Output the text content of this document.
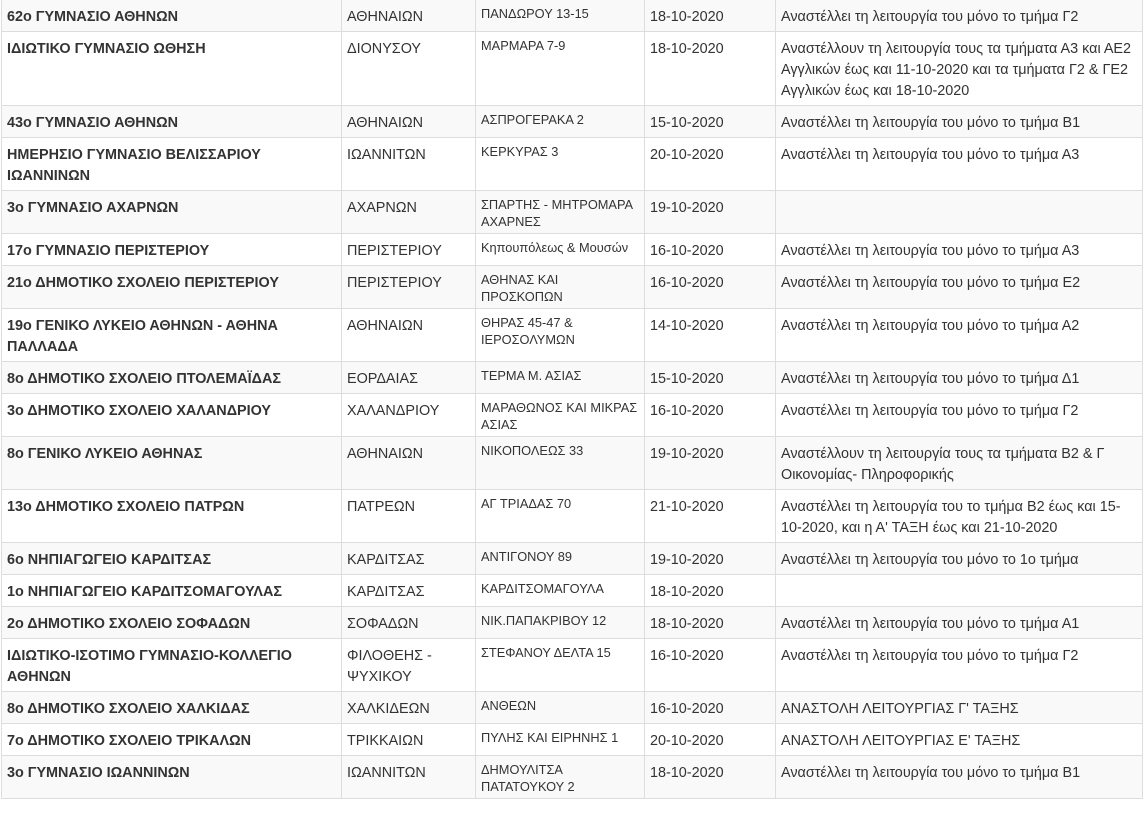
62ο ΓΥΜΝΑΣΙΟ ΑΘΗΝΩΝ	ΑΘΗΝΑΙΩΝ	ΠΑΝΔΩΡΟΥ 13-15	18-10-2020	Αναστέλλει τη λειτουργία του μόνο το τμήμα Γ2
ΙΔΙΩΤΙΚΟ ΓΥΜΝΑΣΙΟ ΩΘΗΣΗ	ΔΙΟΝΥΣΟΥ	ΜΑΡΜΑΡΑ 7-9	18-10-2020	Αναστέλλουν τη λειτουργία τους τα τμήματα Α3 και ΑΕ2 Αγγλικών έως και 11-10-2020 και τα τμήματα Γ2 & ΓΕ2 Αγγλικών έως και 18-10-2020
43ο ΓΥΜΝΑΣΙΟ ΑΘΗΝΩΝ	ΑΘΗΝΑΙΩΝ	ΑΣΠΡΟΓΕΡΑΚΑ 2	15-10-2020	Αναστέλλει τη λειτουργία του μόνο το τμήμα Β1
ΗΜΕΡΗΣΙΟ ΓΥΜΝΑΣΙΟ ΒΕΛΙΣΣΑΡΙΟΥ ΙΩΑΝΝΙΝΩΝ	ΙΩΑΝΝΙΤΩΝ	ΚΕΡΚΥΡΑΣ 3	20-10-2020	Αναστέλλει τη λειτουργία του μόνο το τμήμα Α3
3ο ΓΥΜΝΑΣΙΟ ΑΧΑΡΝΩΝ	ΑΧΑΡΝΩΝ	ΣΠΑΡΤΗΣ - ΜΗΤΡΟΜΑΡΑ ΑΧΑΡΝΕΣ	19-10-2020	
17ο ΓΥΜΝΑΣΙΟ ΠΕΡΙΣΤΕΡΙΟΥ	ΠΕΡΙΣΤΕΡΙΟΥ	Κηπουπόλεως & Μουσών	16-10-2020	Αναστέλλει τη λειτουργία του μόνο το τμήμα Α3
21ο ΔΗΜΟΤΙΚΟ ΣΧΟΛΕΙΟ ΠΕΡΙΣΤΕΡΙΟΥ	ΠΕΡΙΣΤΕΡΙΟΥ	ΑΘΗΝΑΣ ΚΑΙ ΠΡΟΣΚΟΠΩΝ	16-10-2020	Αναστέλλει τη λειτουργία του μόνο το τμήμα Ε2
19ο ΓΕΝΙΚΟ ΛΥΚΕΙΟ ΑΘΗΝΩΝ - ΑΘΗΝΑ ΠΑΛΛΑΔΑ	ΑΘΗΝΑΙΩΝ	ΘΗΡΑΣ 45-47 & ΙΕΡΟΣΟΛΥΜΩΝ	14-10-2020	Αναστέλλει τη λειτουργία του μόνο το τμήμα Α2
8ο ΔΗΜΟΤΙΚΟ ΣΧΟΛΕΙΟ ΠΤΟΛΕΜΑΪΔΑΣ	ΕΟΡΔΑΙΑΣ	ΤΕΡΜΑ Μ. ΑΣΙΑΣ	15-10-2020	Αναστέλλει τη λειτουργία του μόνο το τμήμα Δ1
3ο ΔΗΜΟΤΙΚΟ ΣΧΟΛΕΙΟ ΧΑΛΑΝΔΡΙΟΥ	ΧΑΛΑΝΔΡΙΟΥ	ΜΑΡΑΘΩΝΟΣ ΚΑΙ ΜΙΚΡΑΣ ΑΣΙΑΣ	16-10-2020	Αναστέλλει τη λειτουργία του μόνο το τμήμα Γ2
8ο ΓΕΝΙΚΟ ΛΥΚΕΙΟ ΑΘΗΝΑΣ	ΑΘΗΝΑΙΩΝ	ΝΙΚΟΠΟΛΕΩΣ 33	19-10-2020	Αναστέλλουν τη λειτουργία τους τα τμήματα Β2 & Γ Οικονομίας- Πληροφορικής
13ο ΔΗΜΟΤΙΚΟ ΣΧΟΛΕΙΟ ΠΑΤΡΩΝ	ΠΑΤΡΕΩΝ	ΑΓ ΤΡΙΑΔΑΣ 70	21-10-2020	Αναστέλλει τη λειτουργία του το τμήμα Β2 έως και 15-10-2020, και η Α' ΤΑΞΗ έως και 21-10-2020
6ο ΝΗΠΙΑΓΩΓΕΙΟ ΚΑΡΔΙΤΣΑΣ	ΚΑΡΔΙΤΣΑΣ	ΑΝΤΙΓΟΝΟΥ 89	19-10-2020	Αναστέλλει τη λειτουργία του μόνο το 1ο τμήμα
1ο ΝΗΠΙΑΓΩΓΕΙΟ ΚΑΡΔΙΤΣΟΜΑΓΟΥΛΑΣ	ΚΑΡΔΙΤΣΑΣ	ΚΑΡΔΙΤΣΟΜΑΓΟΥΛΑ	18-10-2020	
2ο ΔΗΜΟΤΙΚΟ ΣΧΟΛΕΙΟ ΣΟΦΑΔΩΝ	ΣΟΦΑΔΩΝ	ΝΙΚ.ΠΑΠΑΚΡΙΒΟΥ 12	18-10-2020	Αναστέλλει τη λειτουργία του μόνο το τμήμα Α1
ΙΔΙΩΤΙΚΟ-ΙΣΟΤΙΜΟ ΓΥΜΝΑΣΙΟ-ΚΟΛΛΕΓΙΟ ΑΘΗΝΩΝ	ΦΙΛΟΘΕΗΣ - ΨΥΧΙΚΟΥ	ΣΤΕΦΑΝΟΥ ΔΕΛΤΑ 15	16-10-2020	Αναστέλλει τη λειτουργία του μόνο το τμήμα Γ2
8ο ΔΗΜΟΤΙΚΟ ΣΧΟΛΕΙΟ ΧΑΛΚΙΔΑΣ	ΧΑΛΚΙΔΕΩΝ	ΑΝΘΕΩΝ	16-10-2020	ΑΝΑΣΤΟΛΗ ΛΕΙΤΟΥΡΓΙΑΣ Γ' ΤΑΞΗΣ
7ο ΔΗΜΟΤΙΚΟ ΣΧΟΛΕΙΟ ΤΡΙΚΑΛΩΝ	ΤΡΙΚΚΑΙΩΝ	ΠΥΛΗΣ ΚΑΙ ΕΙΡΗΝΗΣ 1	20-10-2020	ΑΝΑΣΤΟΛΗ ΛΕΙΤΟΥΡΓΙΑΣ Ε' ΤΑΞΗΣ
3ο ΓΥΜΝΑΣΙΟ ΙΩΑΝΝΙΝΩΝ	ΙΩΑΝΝΙΤΩΝ	ΔΗΜΟΥΛΙΤΣΑ ΠΑΤΑΤΟΥΚΟΥ 2	18-10-2020	Αναστέλλει τη λειτουργία του μόνο το τμήμα Β1
